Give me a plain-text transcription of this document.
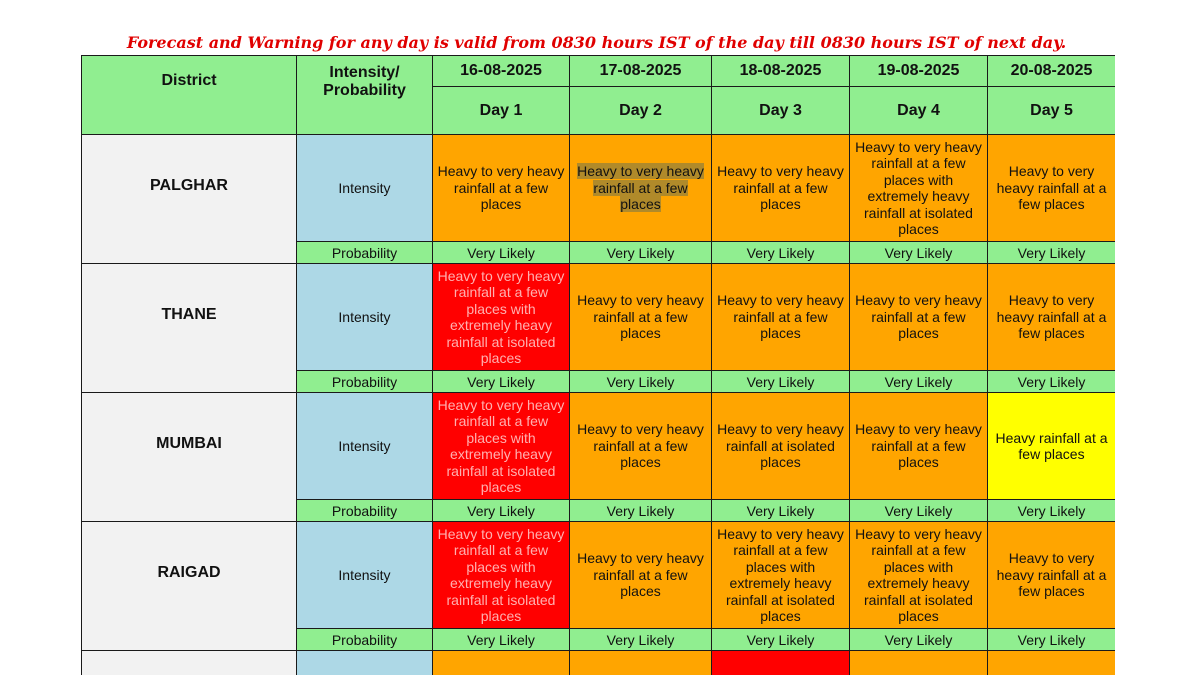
Forecast and Warning for any day is valid from 0830 hours IST of the day till 0830 hours IST of next day.
District	Intensity/ Probability	16-08-2025	17-08-2025	18-08-2025	19-08-2025	20-08-2025
		Day 1	Day 2	Day 3	Day 4	Day 5
PALGHAR	Intensity	Heavy to very heavy rainfall at a few places	Heavy to very heavy rainfall at a few places	Heavy to very heavy rainfall at a few places	Heavy to very heavy rainfall at a few places with extremely heavy rainfall at isolated places	Heavy to very heavy rainfall at a few places
	Probability	Very Likely	Very Likely	Very Likely	Very Likely	Very Likely
THANE	Intensity	Heavy to very heavy rainfall at a few places with extremely heavy rainfall at isolated places	Heavy to very heavy rainfall at a few places	Heavy to very heavy rainfall at a few places	Heavy to very heavy rainfall at a few places	Heavy to very heavy rainfall at a few places
	Probability	Very Likely	Very Likely	Very Likely	Very Likely	Very Likely
MUMBAI	Intensity	Heavy to very heavy rainfall at a few places with extremely heavy rainfall at isolated places	Heavy to very heavy rainfall at a few places	Heavy to very heavy rainfall at isolated places	Heavy to very heavy rainfall at a few places	Heavy rainfall at a few places
	Probability	Very Likely	Very Likely	Very Likely	Very Likely	Very Likely
RAIGAD	Intensity	Heavy to very heavy rainfall at a few places with extremely heavy rainfall at isolated places	Heavy to very heavy rainfall at a few places	Heavy to very heavy rainfall at a few places with extremely heavy rainfall at isolated places	Heavy to very heavy rainfall at a few places with extremely heavy rainfall at isolated places	Heavy to very heavy rainfall at a few places
	Probability	Very Likely	Very Likely	Very Likely	Very Likely	Very Likely
